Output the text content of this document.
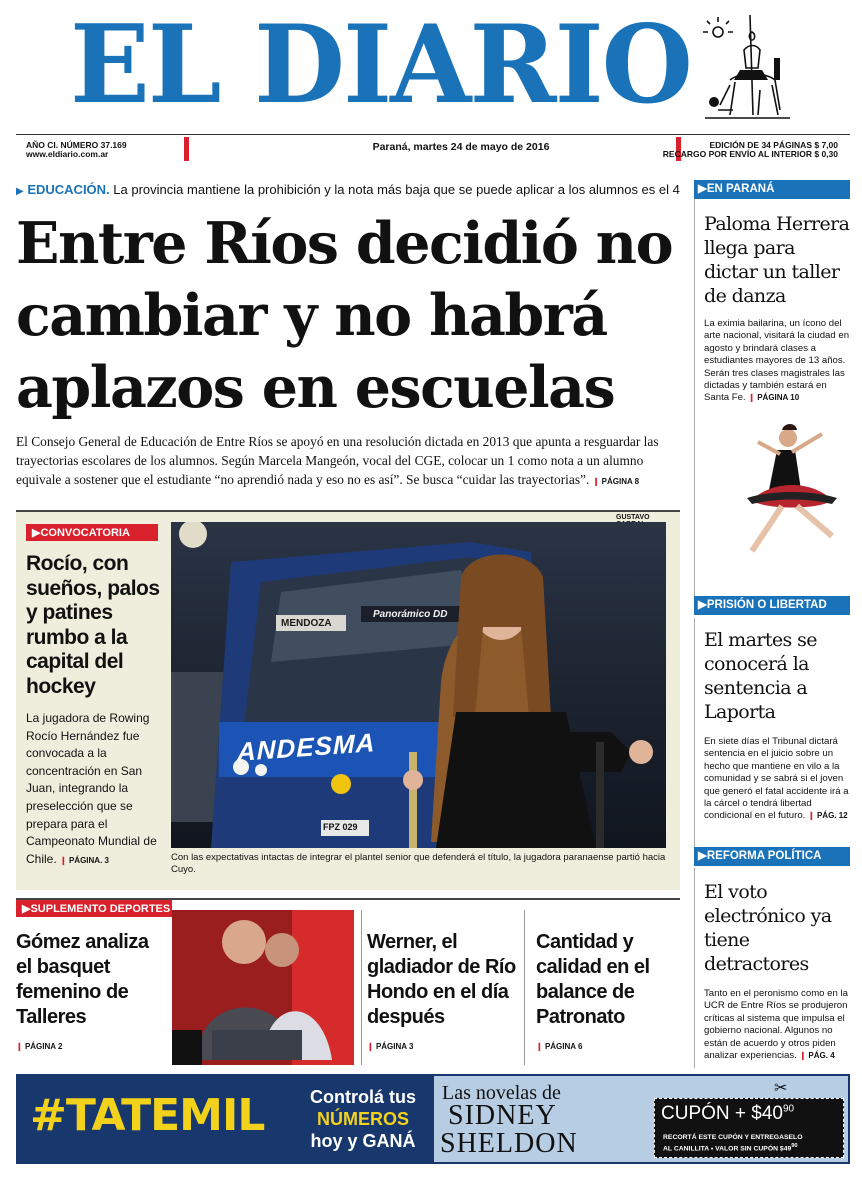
EL DIARIO
AÑO CI. NÚMERO 37.169
www.eldiario.com.ar
Paraná, martes 24 de mayo de 2016	EDICIÓN DE 34 PÁGINAS $ 7,00
RECARGO POR ENVÍO AL INTERIOR $ 0,30
▶ EDUCACIÓN. La provincia mantiene la prohibición y la nota más baja que se puede aplicar a los alumnos es el 4
Entre Ríos decidió no cambiar y no habrá aplazos en escuelas
El Consejo General de Educación de Entre Ríos se apoyó en una resolución dictada en 2013 que apunta a resguardar las trayectorias escolares de los alumnos. Según Marcela Mangeón, vocal del CGE, colocar un 1 como nota a un alumno equivale a sostener que el estudiante “no aprendió nada y eso no es así”. Se busca “cuidar las trayectorias”. ❙ PÁGINA 8
▶CONVOCATORIA
Rocío, con sueños, palos y patines rumbo a la capital del hockey
La jugadora de Rowing Rocío Hernández fue convocada a la concentración en San Juan, integrando la preselección que se prepara para el Campeonato Mundial de Chile. ❙ PÁGINA. 3
GUSTAVO
MENDOZA
Panorámico DD
ANDESMA
FPZ 029
Con las expectativas intactas de integrar el plantel senior que defenderá el título, la jugadora paranaense partió hacia Cuyo.
▶SUPLEMENTO DEPORTES
Gómez analiza el basquet femenino de Talleres
❙ PÁGINA 2
Werner, el gladiador de Río Hondo en el día después
❙ PÁGINA 3
Cantidad y calidad en el balance de Patronato
❙ PÁGINA 6
▶EN PARANÁ
Paloma Herrera llega para dictar un taller de danza
La eximia bailarina, un ícono del arte nacional, visitará la ciudad en agosto y brindará clases a estudiantes mayores de 13 años. Serán tres clases magistrales las dictadas y también estará en Santa Fe. ❙ PÁGINA 10
▶PRISIÓN O LIBERTAD
El martes se conocerá la sentencia a Laporta
En siete días el Tribunal dictará sentencia en el juicio sobre un hecho que mantiene en vilo a la comunidad y se sabrá si el joven que generó el fatal accidente irá a la cárcel o tendrá libertad condicional en el futuro. ❙ PÁG. 12
▶REFORMA POLÍTICA
El voto electrónico ya tiene detractores
Tanto en el peronismo como en la UCR de Entre Ríos se produjeron críticas al sistema que impulsa el gobierno nacional. Algunos no están de acuerdo y otros piden analizar experiencias. ❙ PÁG. 4
#TATEMIL	Controlá tus
NÚMEROS
hoy y GANÁ
Las novelas de
SIDNEY
SHELDON
CUPÓN + $\$40^{90}$
RECORTÁ ESTE CUPÓN Y ENTREGASELO
AL CANILLITA • VALOR SIN CUPÓN $\$49^{90}$
✂
